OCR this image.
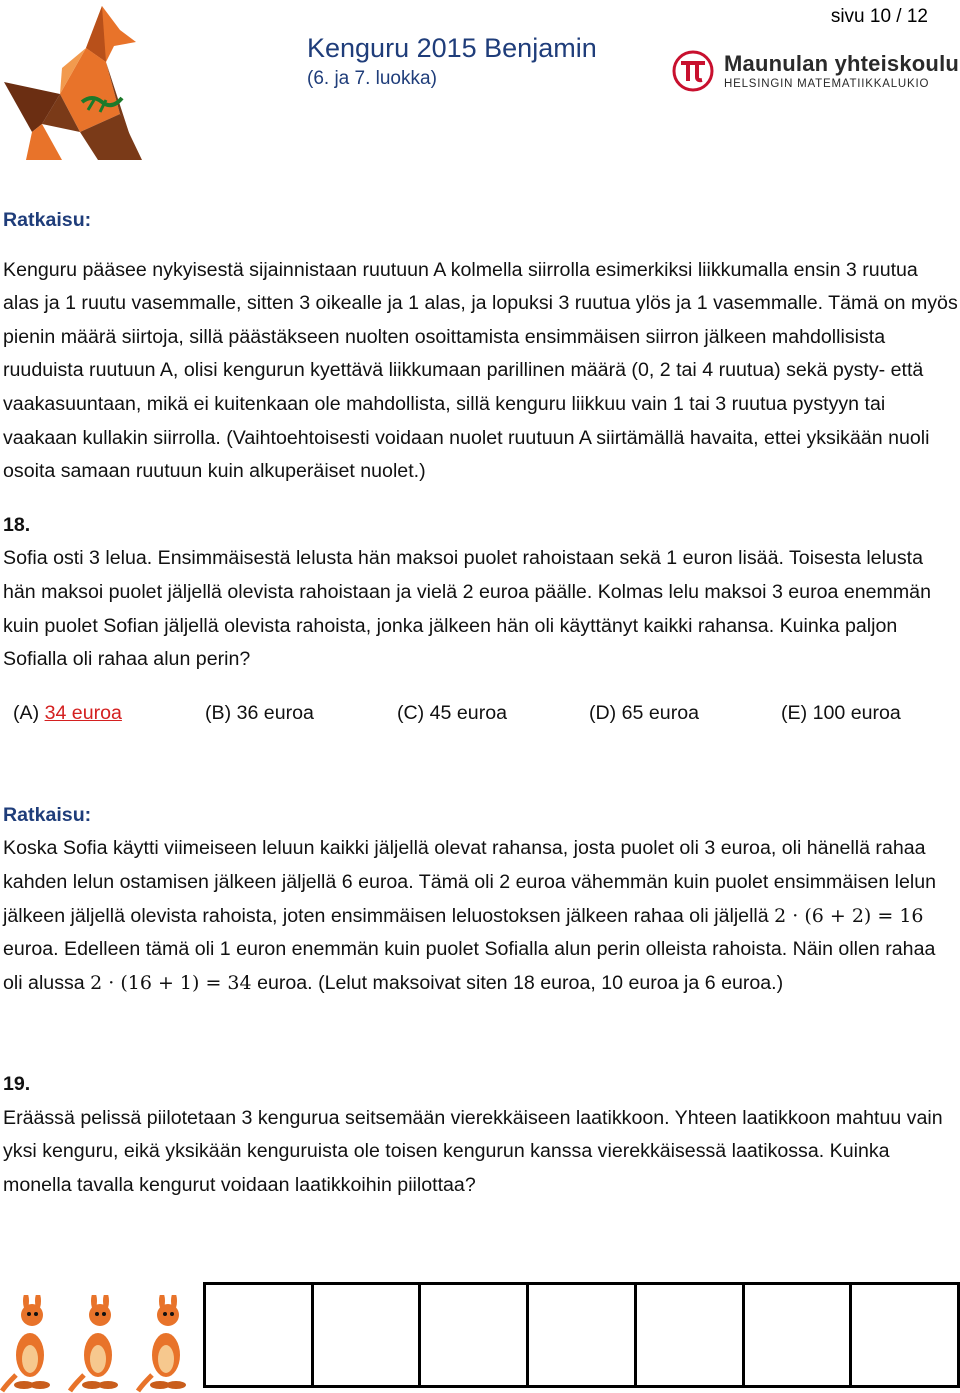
sivu 10 / 12
Kenguru 2015 Benjamin
(6. ja 7. luokka)
Maunulan yhteiskoulu
HELSINGIN MATEMATIIKKALUKIO

Ratkaisu:

Kenguru pääsee nykyisestä sijainnistaan ruutuun A kolmella siirrolla esimerkiksi liikkumalla ensin 3 ruutua alas ja 1 ruutu vasemmalle, sitten 3 oikealle ja 1 alas, ja lopuksi 3 ruutua ylös ja 1 vasemmalle. Tämä on myös pienin määrä siirtoja, sillä päästäkseen nuolten osoittamista ensimmäisen siirron jälkeen mahdollisista ruuduista ruutuun A, olisi kengurun kyettävä liikkumaan parillinen määrä (0, 2 tai 4 ruutua) sekä pysty- että vaakasuuntaan, mikä ei kuitenkaan ole mahdollista, sillä kenguru liikkuu vain 1 tai 3 ruutua pystyyn tai vaakaan kullakin siirrolla. (Vaihtoehtoisesti voidaan nuolet ruutuun A siirtämällä havaita, ettei yksikään nuoli osoita samaan ruutuun kuin alkuperäiset nuolet.)

18.

Sofia osti 3 lelua. Ensimmäisestä lelusta hän maksoi puolet rahoistaan sekä 1 euron lisää. Toisesta lelusta hän maksoi puolet jäljellä olevista rahoistaan ja vielä 2 euroa päälle. Kolmas lelu maksoi 3 euroa enemmän kuin puolet Sofian jäljellä olevista rahoista, jonka jälkeen hän oli käyttänyt kaikki rahansa. Kuinka paljon Sofialla oli rahaa alun perin?

(A) 34 euroa	(B) 36 euroa	(C) 45 euroa	(D) 65 euroa	(E) 100 euroa

Ratkaisu:

Koska Sofia käytti viimeiseen leluun kaikki jäljellä olevat rahansa, josta puolet oli 3 euroa, oli hänellä rahaa kahden lelun ostamisen jälkeen jäljellä 6 euroa. Tämä oli 2 euroa vähemmän kuin puolet ensimmäisen lelun jälkeen jäljellä olevista rahoista, joten ensimmäisen leluostoksen jälkeen rahaa oli jäljellä 2 · (6 + 2) = 16 euroa. Edelleen tämä oli 1 euron enemmän kuin puolet Sofialla alun perin olleista rahoista. Näin ollen rahaa oli alussa 2 · (16 + 1) = 34 euroa. (Lelut maksoivat siten 18 euroa, 10 euroa ja 6 euroa.)

19.

Eräässä pelissä piilotetaan 3 kengurua seitsemään vierekkäiseen laatikkoon. Yhteen laatikkoon mahtuu vain yksi kenguru, eikä yksikään kenguruista ole toisen kengurun kanssa vierekkäisessä laatikossa. Kuinka monella tavalla kengurut voidaan laatikkoihin piilottaa?
